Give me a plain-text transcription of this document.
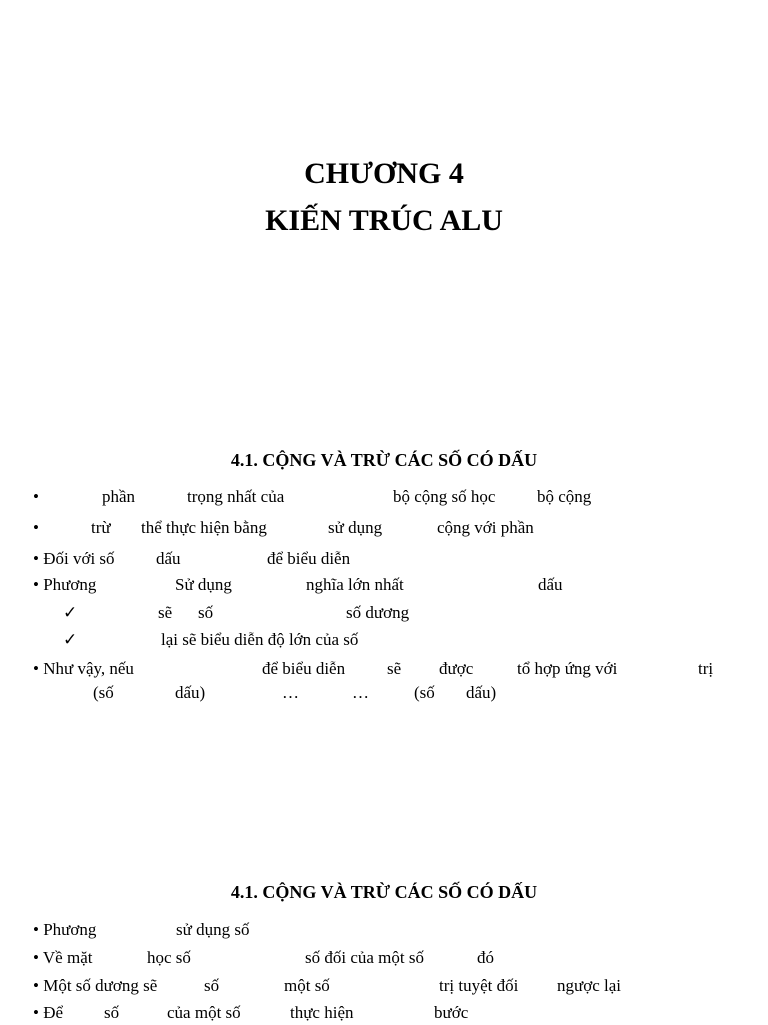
CHƯƠNG 4
KIẾN TRÚC ALU
4.1. CỘNG VÀ TRỪ CÁC SỐ CÓ DẤU
•	phần	trọng nhất của	bộ cộng số học bộ cộng
•	trừ thể thực hiện bằng	sử dụng	cộng với phần
• Đối với số dấu	để biểu diễn
• Phương	Sử dụng	nghĩa lớn nhất	dấu
✓	sẽ số	số dương
✓	lại sẽ biểu diễn độ lớn của số
• Như vậy, nếu	để biểu diễn sẽ được	tổ hợp ứng với	trị
(số	dấu)	…	…	(số dấu)
4.1. CỘNG VÀ TRỪ CÁC SỐ CÓ DẤU
• Phương	sử dụng số
• Về mặt	học số	số đối của một số	đó
• Một số dương sẽ	số	một số	trị tuyệt đối ngược lại
• Để số	của một số	thực hiện	bước
